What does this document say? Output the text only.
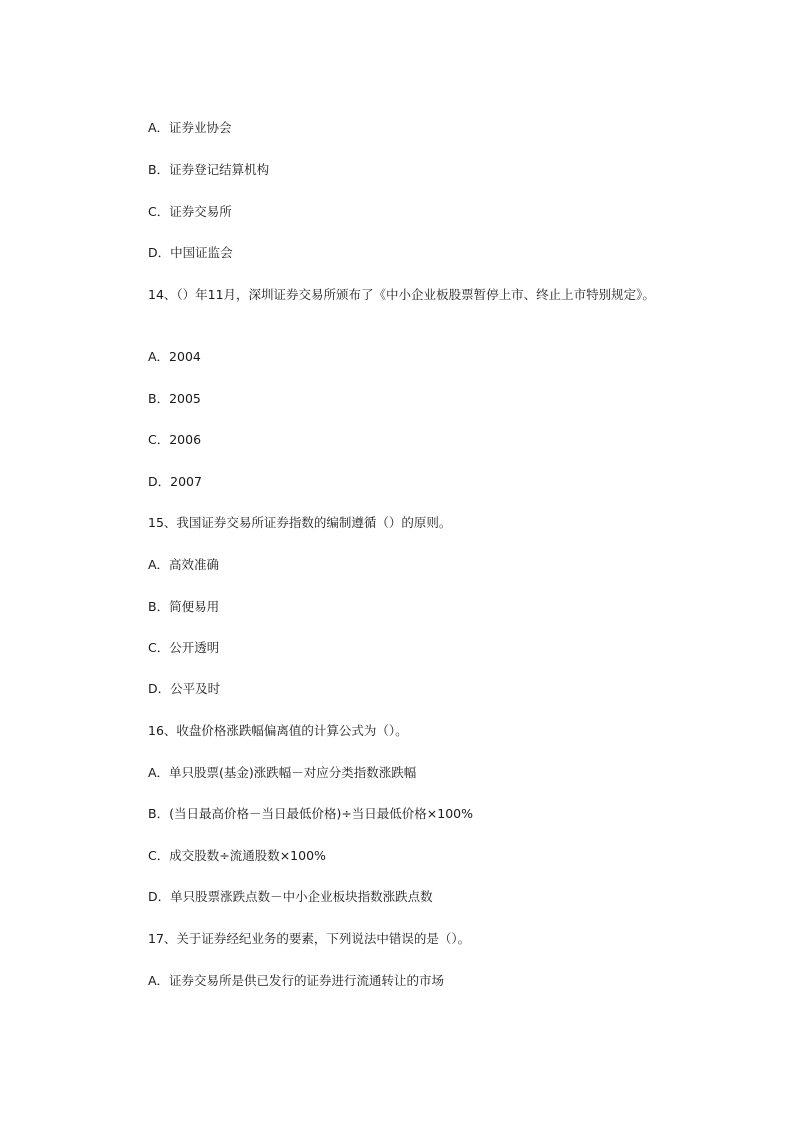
A．证券业协会
B．证券登记结算机构
C．证券交易所
D．中国证监会
14、（）年11月，深圳证券交易所颁布了《中小企业板股票暂停上市、终止上市特别规定》。
A．2004
B．2005
C．2006
D．2007
15、我国证券交易所证券指数的编制遵循（）的原则。
A．高效准确
B．简便易用
C．公开透明
D．公平及时
16、收盘价格涨跌幅偏离值的计算公式为（）。
A．单只股票(基金)涨跌幅－对应分类指数涨跌幅
B．(当日最高价格－当日最低价格)÷当日最低价格×100%
C．成交股数÷流通股数×100%
D．单只股票涨跌点数－中小企业板块指数涨跌点数
17、关于证券经纪业务的要素，下列说法中错误的是（）。
A．证券交易所是供已发行的证券进行流通转让的市场
